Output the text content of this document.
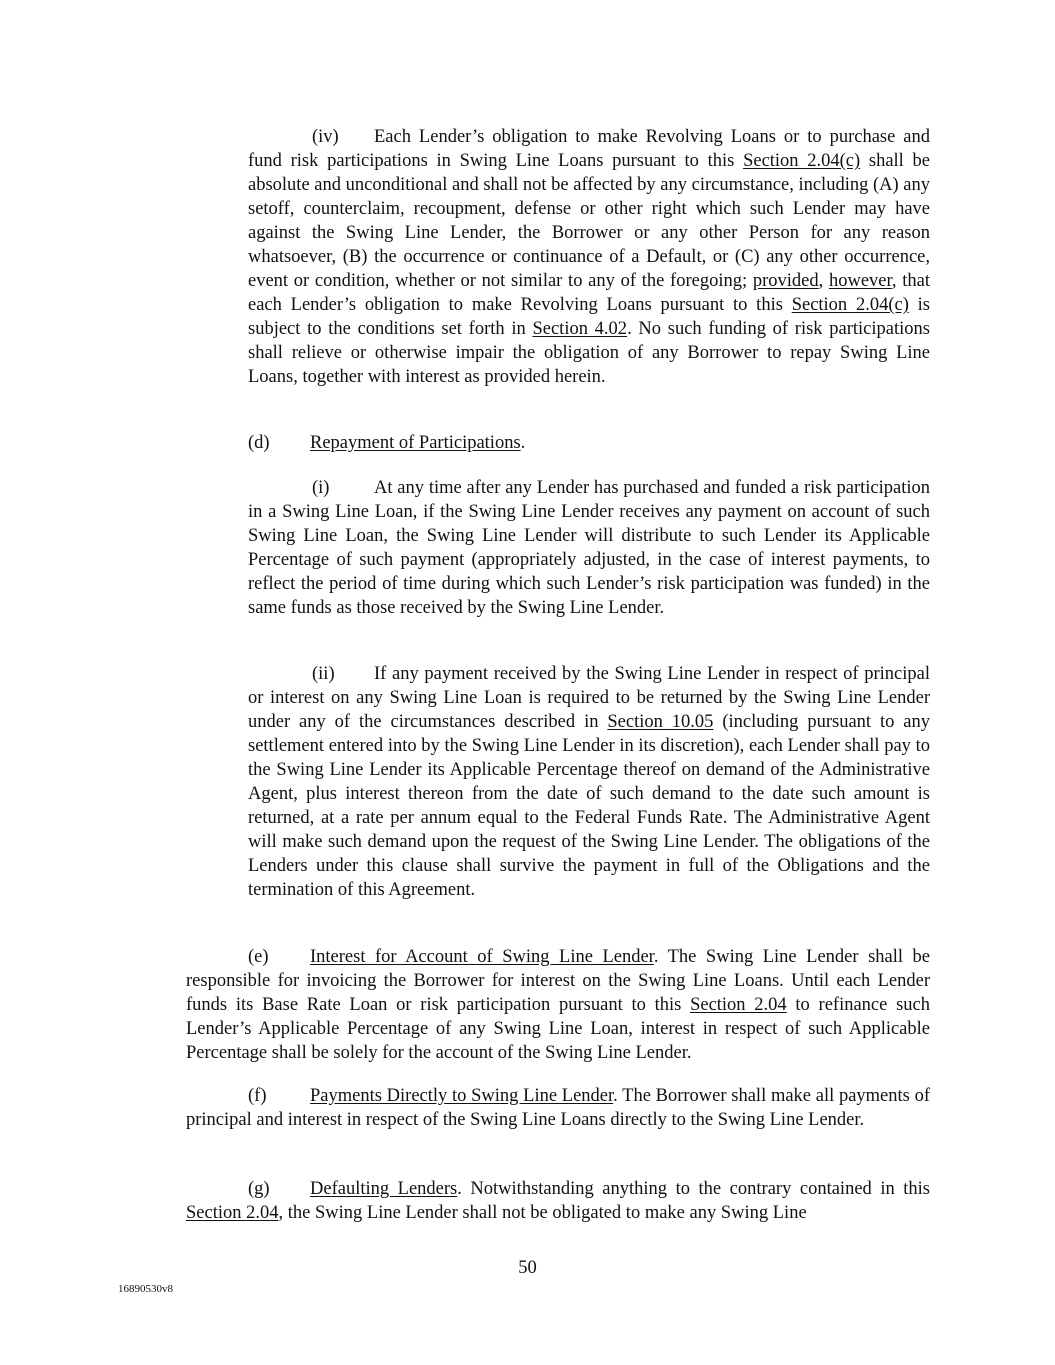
(iv) Each Lender’s obligation to make Revolving Loans or to purchase and fund risk participations in Swing Line Loans pursuant to this Section 2.04(c) shall be absolute and unconditional and shall not be affected by any circumstance, including (A) any setoff, counterclaim, recoupment, defense or other right which such Lender may have against the Swing Line Lender, the Borrower or any other Person for any reason whatsoever, (B) the occurrence or continuance of a Default, or (C) any other occurrence, event or condition, whether or not similar to any of the foregoing; provided, however, that each Lender’s obligation to make Revolving Loans pursuant to this Section 2.04(c) is subject to the conditions set forth in Section 4.02. No such funding of risk participations shall relieve or otherwise impair the obligation of any Borrower to repay Swing Line Loans, together with interest as provided herein.
(d) Repayment of Participations.
(i) At any time after any Lender has purchased and funded a risk participation in a Swing Line Loan, if the Swing Line Lender receives any payment on account of such Swing Line Loan, the Swing Line Lender will distribute to such Lender its Applicable Percentage of such payment (appropriately adjusted, in the case of interest payments, to reflect the period of time during which such Lender’s risk participation was funded) in the same funds as those received by the Swing Line Lender.
(ii) If any payment received by the Swing Line Lender in respect of principal or interest on any Swing Line Loan is required to be returned by the Swing Line Lender under any of the circumstances described in Section 10.05 (including pursuant to any settlement entered into by the Swing Line Lender in its discretion), each Lender shall pay to the Swing Line Lender its Applicable Percentage thereof on demand of the Administrative Agent, plus interest thereon from the date of such demand to the date such amount is returned, at a rate per annum equal to the Federal Funds Rate. The Administrative Agent will make such demand upon the request of the Swing Line Lender. The obligations of the Lenders under this clause shall survive the payment in full of the Obligations and the termination of this Agreement.
(e) Interest for Account of Swing Line Lender. The Swing Line Lender shall be responsible for invoicing the Borrower for interest on the Swing Line Loans. Until each Lender funds its Base Rate Loan or risk participation pursuant to this Section 2.04 to refinance such Lender’s Applicable Percentage of any Swing Line Loan, interest in respect of such Applicable Percentage shall be solely for the account of the Swing Line Lender.
(f) Payments Directly to Swing Line Lender. The Borrower shall make all payments of principal and interest in respect of the Swing Line Loans directly to the Swing Line Lender.
(g) Defaulting Lenders. Notwithstanding anything to the contrary contained in this Section 2.04, the Swing Line Lender shall not be obligated to make any Swing Line
50
16890530v8
